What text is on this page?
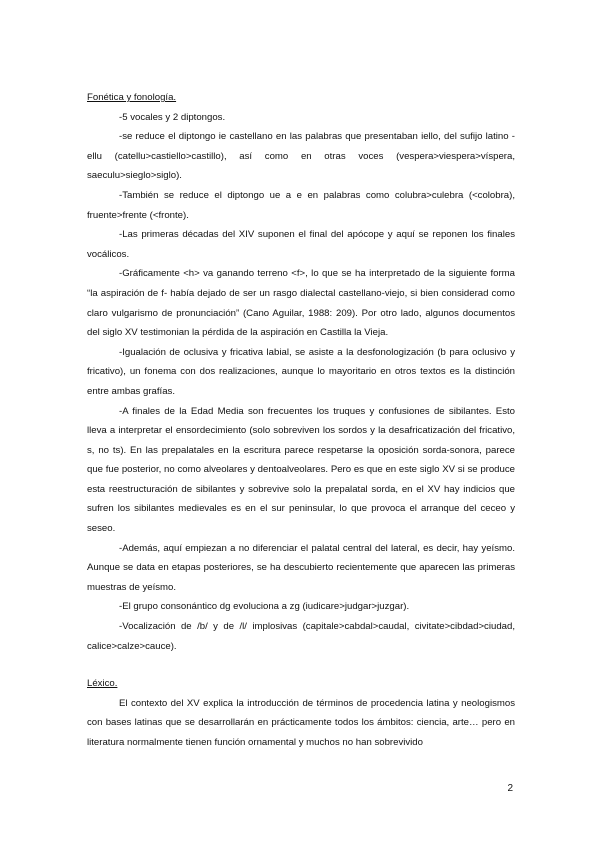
Fonética y fonología.

-5 vocales y 2 diptongos.

-se reduce el diptongo ie castellano en las palabras que presentaban iello, del sufijo latino -ellu (catellu>castiello>castillo), así como en otras voces (vespera>viespera>víspera, saeculu>sieglo>siglo).

-También se reduce el diptongo ue a e en palabras como colubra>culebra (<colobra), fruente>frente (<fronte).

-Las primeras décadas del XIV suponen el final del apócope y aquí se reponen los finales vocálicos.

-Gráficamente <h> va ganando terreno <f>, lo que se ha interpretado de la siguiente forma “la aspiración de f- había dejado de ser un rasgo dialectal castellano-viejo, si bien considerad como claro vulgarismo de pronunciación” (Cano Aguilar, 1988: 209). Por otro lado, algunos documentos del siglo XV testimonian la pérdida de la aspiración en Castilla la Vieja.

-Igualación de oclusiva y fricativa labial, se asiste a la desfonologización (b para oclusivo y fricativo), un fonema con dos realizaciones, aunque lo mayoritario en otros textos es la distinción entre ambas grafías.

-A finales de la Edad Media son frecuentes los truques y confusiones de sibilantes. Esto lleva a interpretar el ensordecimiento (solo sobreviven los sordos y la desafricatización del fricativo, s, no ts). En las prepalatales en la escritura parece respetarse la oposición sorda-sonora, parece que fue posterior, no como alveolares y dentoalveolares. Pero es que en este siglo XV si se produce esta reestructuración de sibilantes y sobrevive solo la prepalatal sorda, en el XV hay indicios que sufren los sibilantes medievales es en el sur peninsular, lo que provoca el arranque del ceceo y seseo.

-Además, aquí empiezan a no diferenciar el palatal central del lateral, es decir, hay yeísmo. Aunque se data en etapas posteriores, se ha descubierto recientemente que aparecen las primeras muestras de yeísmo.

-El grupo consonántico dg evoluciona a zg (iudicare>judgar>juzgar).

-Vocalización de /b/ y de /l/ implosivas (capitale>cabdal>caudal, civitate>cibdad>ciudad, calice>calze>cauce).

Léxico.

El contexto del XV explica la introducción de términos de procedencia latina y neologismos con bases latinas que se desarrollarán en prácticamente todos los ámbitos: ciencia, arte… pero en literatura normalmente tienen función ornamental y muchos no han sobrevivido

2
